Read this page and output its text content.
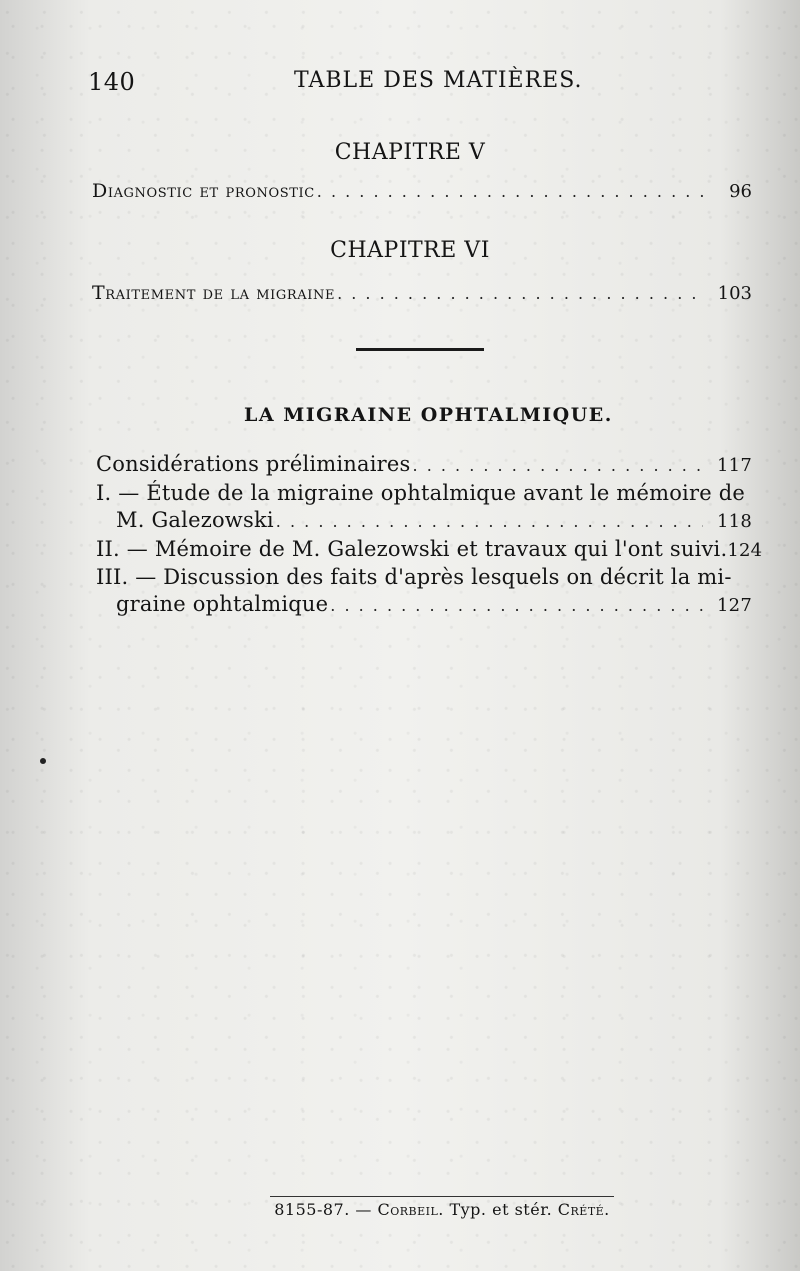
140	TABLE DES MATIÈRES.
CHAPITRE V
Diagnostic et pronostic . . .	96
CHAPITRE VI
Traitement de la migraine . . .	103
LA MIGRAINE OPHTALMIQUE.
Considérations préliminaires . . .	117
I. — Étude de la migraine ophtalmique avant le mémoire de
M. Galezowski . . .	118
II. — Mémoire de M. Galezowski et travaux qui l'ont suivi. 124
III. — Discussion des faits d'après lesquels on décrit la mi-
graine ophtalmique . . .	127
8155-87. — Corbeil. Typ. et stér. Crété.
